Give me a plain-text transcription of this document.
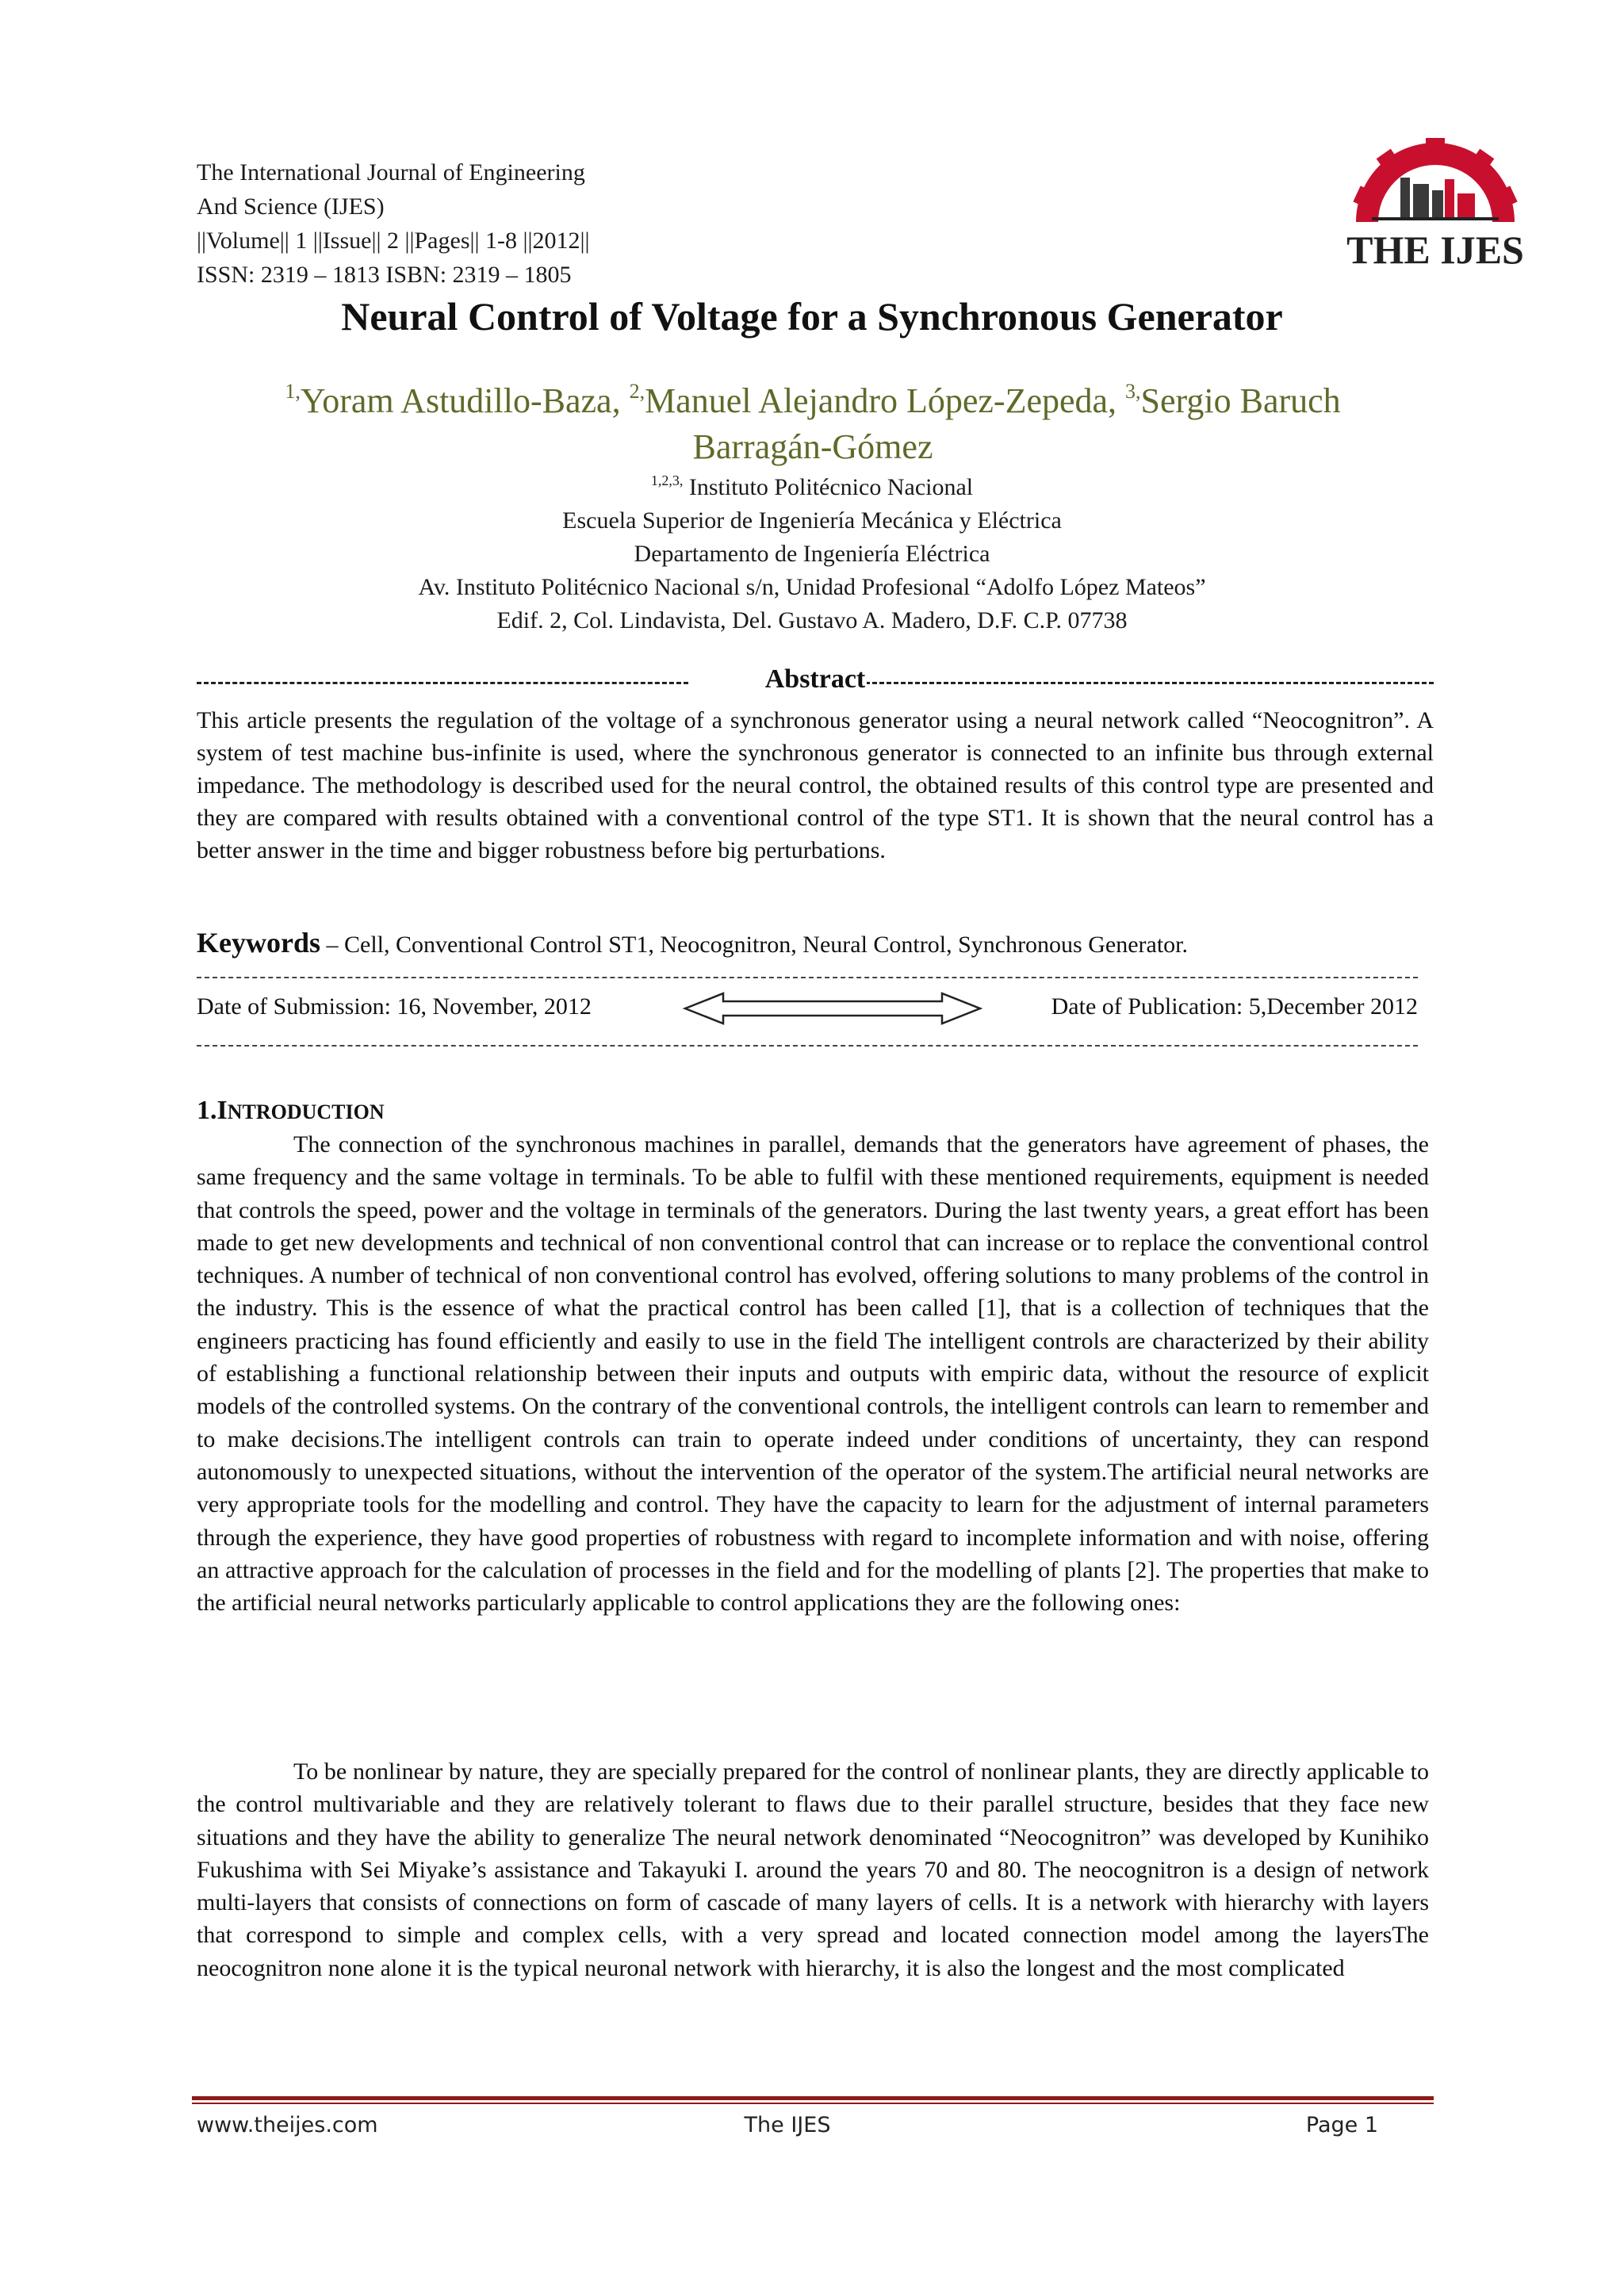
The International Journal of Engineering
And Science (IJES)
||Volume|| 1 ||Issue|| 2 ||Pages|| 1-8 ||2012||
ISSN: 2319 – 1813 ISBN: 2319 – 1805
THE IJES
Neural Control of Voltage for a Synchronous Generator
$^{1,}$Yoram Astudillo-Baza, $^{2,}$Manuel Alejandro López-Zepeda, $^{3,}$Sergio Baruch
Barragán-Gómez
$^{1,2,3,}$ Instituto Politécnico Nacional
Escuela Superior de Ingeniería Mecánica y Eléctrica
Departamento de Ingeniería Eléctrica
Av. Instituto Politécnico Nacional s/n, Unidad Profesional “Adolfo López Mateos”
Edif. 2, Col. Lindavista, Del. Gustavo A. Madero, D.F. C.P. 07738
Abstract
This article presents the regulation of the voltage of a synchronous generator using a neural network called “Neocognitron”. A system of test machine bus-infinite is used, where the synchronous generator is connected to an infinite bus through external impedance. The methodology is described used for the neural control, the obtained results of this control type are presented and they are compared with results obtained with a conventional control of the type ST1. It is shown that the neural control has a better answer in the time and bigger robustness before big perturbations.
Keywords – Cell, Conventional Control ST1, Neocognitron, Neural Control, Synchronous Generator.
Date of Submission: 16, November, 2012	Date of Publication: 5,December 2012
1.INTRODUCTION
The connection of the synchronous machines in parallel, demands that the generators have agreement of phases, the same frequency and the same voltage in terminals. To be able to fulfil with these mentioned requirements, equipment is needed that controls the speed, power and the voltage in terminals of the generators. During the last twenty years, a great effort has been made to get new developments and technical of non conventional control that can increase or to replace the conventional control techniques. A number of technical of non conventional control has evolved, offering solutions to many problems of the control in the industry. This is the essence of what the practical control has been called [1], that is a collection of techniques that the engineers practicing has found efficiently and easily to use in the field The intelligent controls are characterized by their ability of establishing a functional relationship between their inputs and outputs with empiric data, without the resource of explicit models of the controlled systems. On the contrary of the conventional controls, the intelligent controls can learn to remember and to make decisions.The intelligent controls can train to operate indeed under conditions of uncertainty, they can respond autonomously to unexpected situations, without the intervention of the operator of the system.The artificial neural networks are very appropriate tools for the modelling and control. They have the capacity to learn for the adjustment of internal parameters through the experience, they have good properties of robustness with regard to incomplete information and with noise, offering an attractive approach for the calculation of processes in the field and for the modelling of plants [2]. The properties that make to the artificial neural networks particularly applicable to control applications they are the following ones:
To be nonlinear by nature, they are specially prepared for the control of nonlinear plants, they are directly applicable to the control multivariable and they are relatively tolerant to flaws due to their parallel structure, besides that they face new situations and they have the ability to generalize The neural network denominated “Neocognitron” was developed by Kunihiko Fukushima with Sei Miyake’s assistance and Takayuki I. around the years 70 and 80. The neocognitron is a design of network multi-layers that consists of connections on form of cascade of many layers of cells. It is a network with hierarchy with layers that correspond to simple and complex cells, with a very spread and located connection model among the layersThe neocognitron none alone it is the typical neuronal network with hierarchy, it is also the longest and the most complicated
www.theijes.com	The IJES	Page 1
